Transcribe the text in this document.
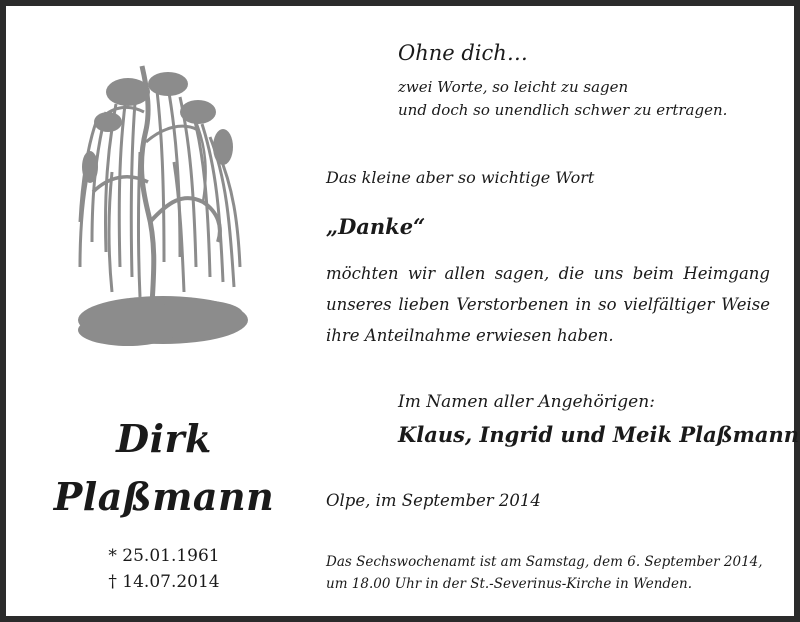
Dirk
Plaßmann
* 25.01.1961
† 14.07.2014
Ohne dich…
zwei Worte, so leicht zu sagen
und doch so unendlich schwer zu ertragen.
Das kleine aber so wichtige Wort
„Danke“
möchten wir allen sagen, die uns beim Heimgang
unseres lieben Verstorbenen in so vielfältiger Weise
ihre Anteilnahme erwiesen haben.
Im Namen aller Angehörigen:
Klaus, Ingrid und Meik Plaßmann
Olpe, im September 2014
Das Sechswochenamt ist am Samstag, dem 6. September 2014,
um 18.00 Uhr in der St.-Severinus-Kirche in Wenden.
